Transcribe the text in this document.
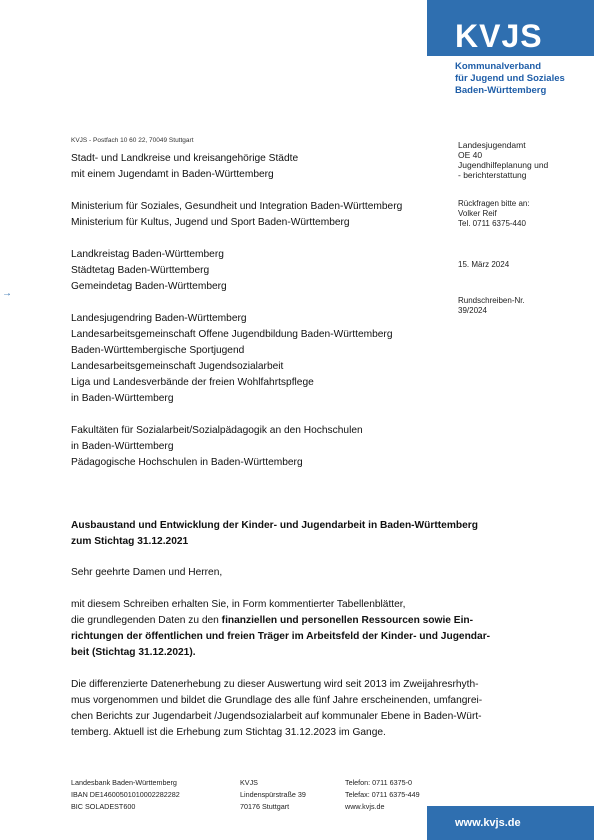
KVJS
Kommunalverband
für Jugend und Soziales
Baden-Württemberg
KVJS - Postfach 10 60 22, 70049 Stuttgart
Stadt- und Landkreise und kreisangehörige Städte
mit einem Jugendamt in Baden-Württemberg
Ministerium für Soziales, Gesundheit und Integration Baden-Württemberg
Ministerium für Kultus, Jugend und Sport Baden-Württemberg
Landkreistag Baden-Württemberg
Städtetag Baden-Württemberg
Gemeindetag Baden-Württemberg
Landesjugendring Baden-Württemberg
Landesarbeitsgemeinschaft Offene Jugendbildung Baden-Württemberg
Baden-Württembergische Sportjugend
Landesarbeitsgemeinschaft Jugendsozialarbeit
Liga und Landesverbände der freien Wohlfahrtspflege
in Baden-Württemberg
Fakultäten für Sozialarbeit/Sozialpädagogik an den Hochschulen
in Baden-Württemberg
Pädagogische Hochschulen in Baden-Württemberg
Landesjugendamt
OE 40
Jugendhilfeplanung und
- berichterstattung
Rückfragen bitte an:
Volker Reif
Tel. 0711 6375-440
15. März 2024
Rundschreiben-Nr.
39/2024
→
Ausbaustand und Entwicklung der Kinder- und Jugendarbeit in Baden-Württemberg
zum Stichtag 31.12.2021
Sehr geehrte Damen und Herren,
mit diesem Schreiben erhalten Sie, in Form kommentierter Tabellenblätter,
die grundlegenden Daten zu den finanziellen und personellen Ressourcen sowie Ein-
richtungen der öffentlichen und freien Träger im Arbeitsfeld der Kinder- und Jugendar-
beit (Stichtag 31.12.2021).
Die differenzierte Datenerhebung zu dieser Auswertung wird seit 2013 im Zweijahresrhyth-
mus vorgenommen und bildet die Grundlage des alle fünf Jahre erscheinenden, umfangrei-
chen Berichts zur Jugendarbeit /Jugendsozialarbeit auf kommunaler Ebene in Baden-Würt-
temberg. Aktuell ist die Erhebung zum Stichtag 31.12.2023 im Gange.
Landesbank Baden-Württemberg
IBAN DE14600501010002282282
BIC SOLADEST600
KVJS
Lindenspürstraße 39
70176 Stuttgart
Telefon: 0711 6375-0
Telefax: 0711 6375-449
www.kvjs.de
www.kvjs.de
